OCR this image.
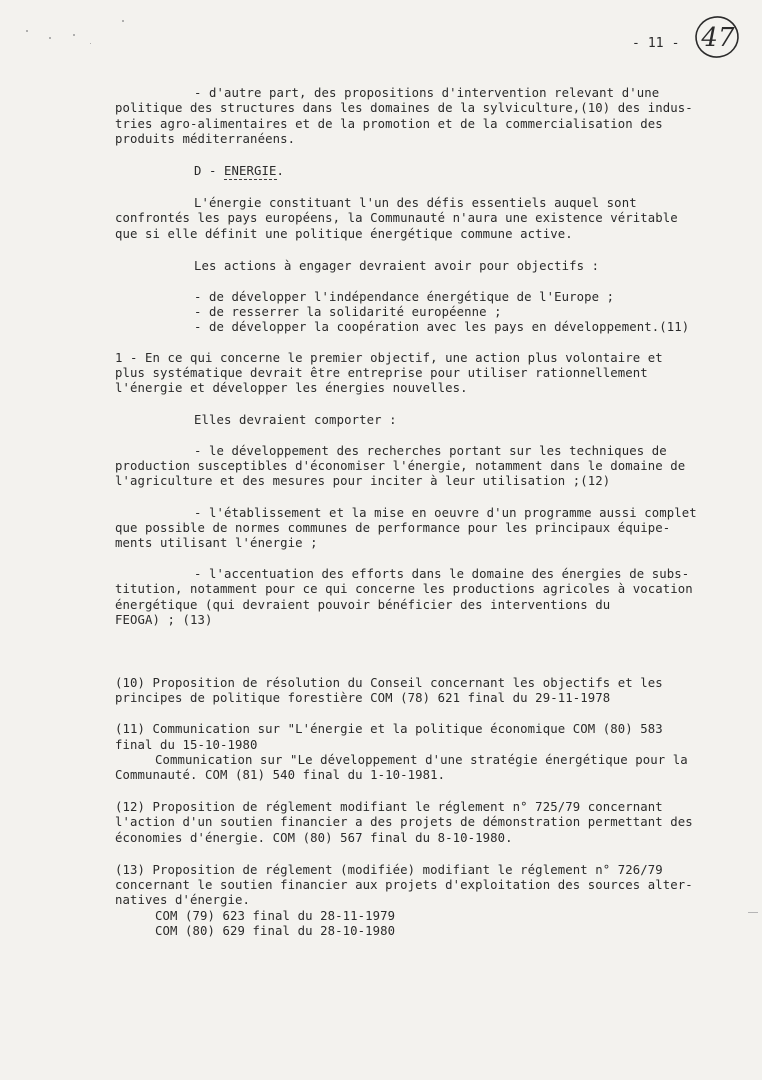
- 11 - 47
- d'autre part, des propositions d'intervention relevant d'une
politique des structures dans les domaines de la sylviculture,(10) des indus-
tries agro-alimentaires et de la promotion et de la commercialisation des
produits méditerranéens.
D - ENERGIE.
L'énergie constituant l'un des défis essentiels auquel sont
confrontés les pays européens, la Communauté n'aura une existence véritable
que si elle définit une politique énergétique commune active.
Les actions à engager devraient avoir pour objectifs :
- de développer l'indépendance énergétique de l'Europe ;
- de resserrer la solidarité européenne ;
- de développer la coopération avec les pays en développement.(11)
1 - En ce qui concerne le premier objectif, une action plus volontaire et
plus systématique devrait être entreprise pour utiliser rationnellement
l'énergie et développer les énergies nouvelles.
Elles devraient comporter :
- le développement des recherches portant sur les techniques de
production susceptibles d'économiser l'énergie, notamment dans le domaine de
l'agriculture et des mesures pour inciter à leur utilisation ;(12)
- l'établissement et la mise en oeuvre d'un programme aussi complet
que possible de normes communes de performance pour les principaux équipe-
ments utilisant l'énergie ;
- l'accentuation des efforts dans le domaine des énergies de subs-
titution, notamment pour ce qui concerne les productions agricoles à vocation
énergétique (qui devraient pouvoir bénéficier des interventions du
FEOGA) ; (13)
(10) Proposition de résolution du Conseil concernant les objectifs et les
principes de politique forestière COM (78) 621 final du 29-11-1978
(11) Communication sur "L'énergie et la politique économique COM (80) 583
final du 15-10-1980
Communication sur "Le développement d'une stratégie énergétique pour la
Communauté. COM (81) 540 final du 1-10-1981.
(12) Proposition de réglement modifiant le réglement n° 725/79 concernant
l'action d'un soutien financier a des projets de démonstration permettant des
économies d'énergie. COM (80) 567 final du 8-10-1980.
(13) Proposition de réglement (modifiée) modifiant le réglement n° 726/79
concernant le soutien financier aux projets d'exploitation des sources alter-
natives d'énergie.
COM (79) 623 final du 28-11-1979
COM (80) 629 final du 28-10-1980
